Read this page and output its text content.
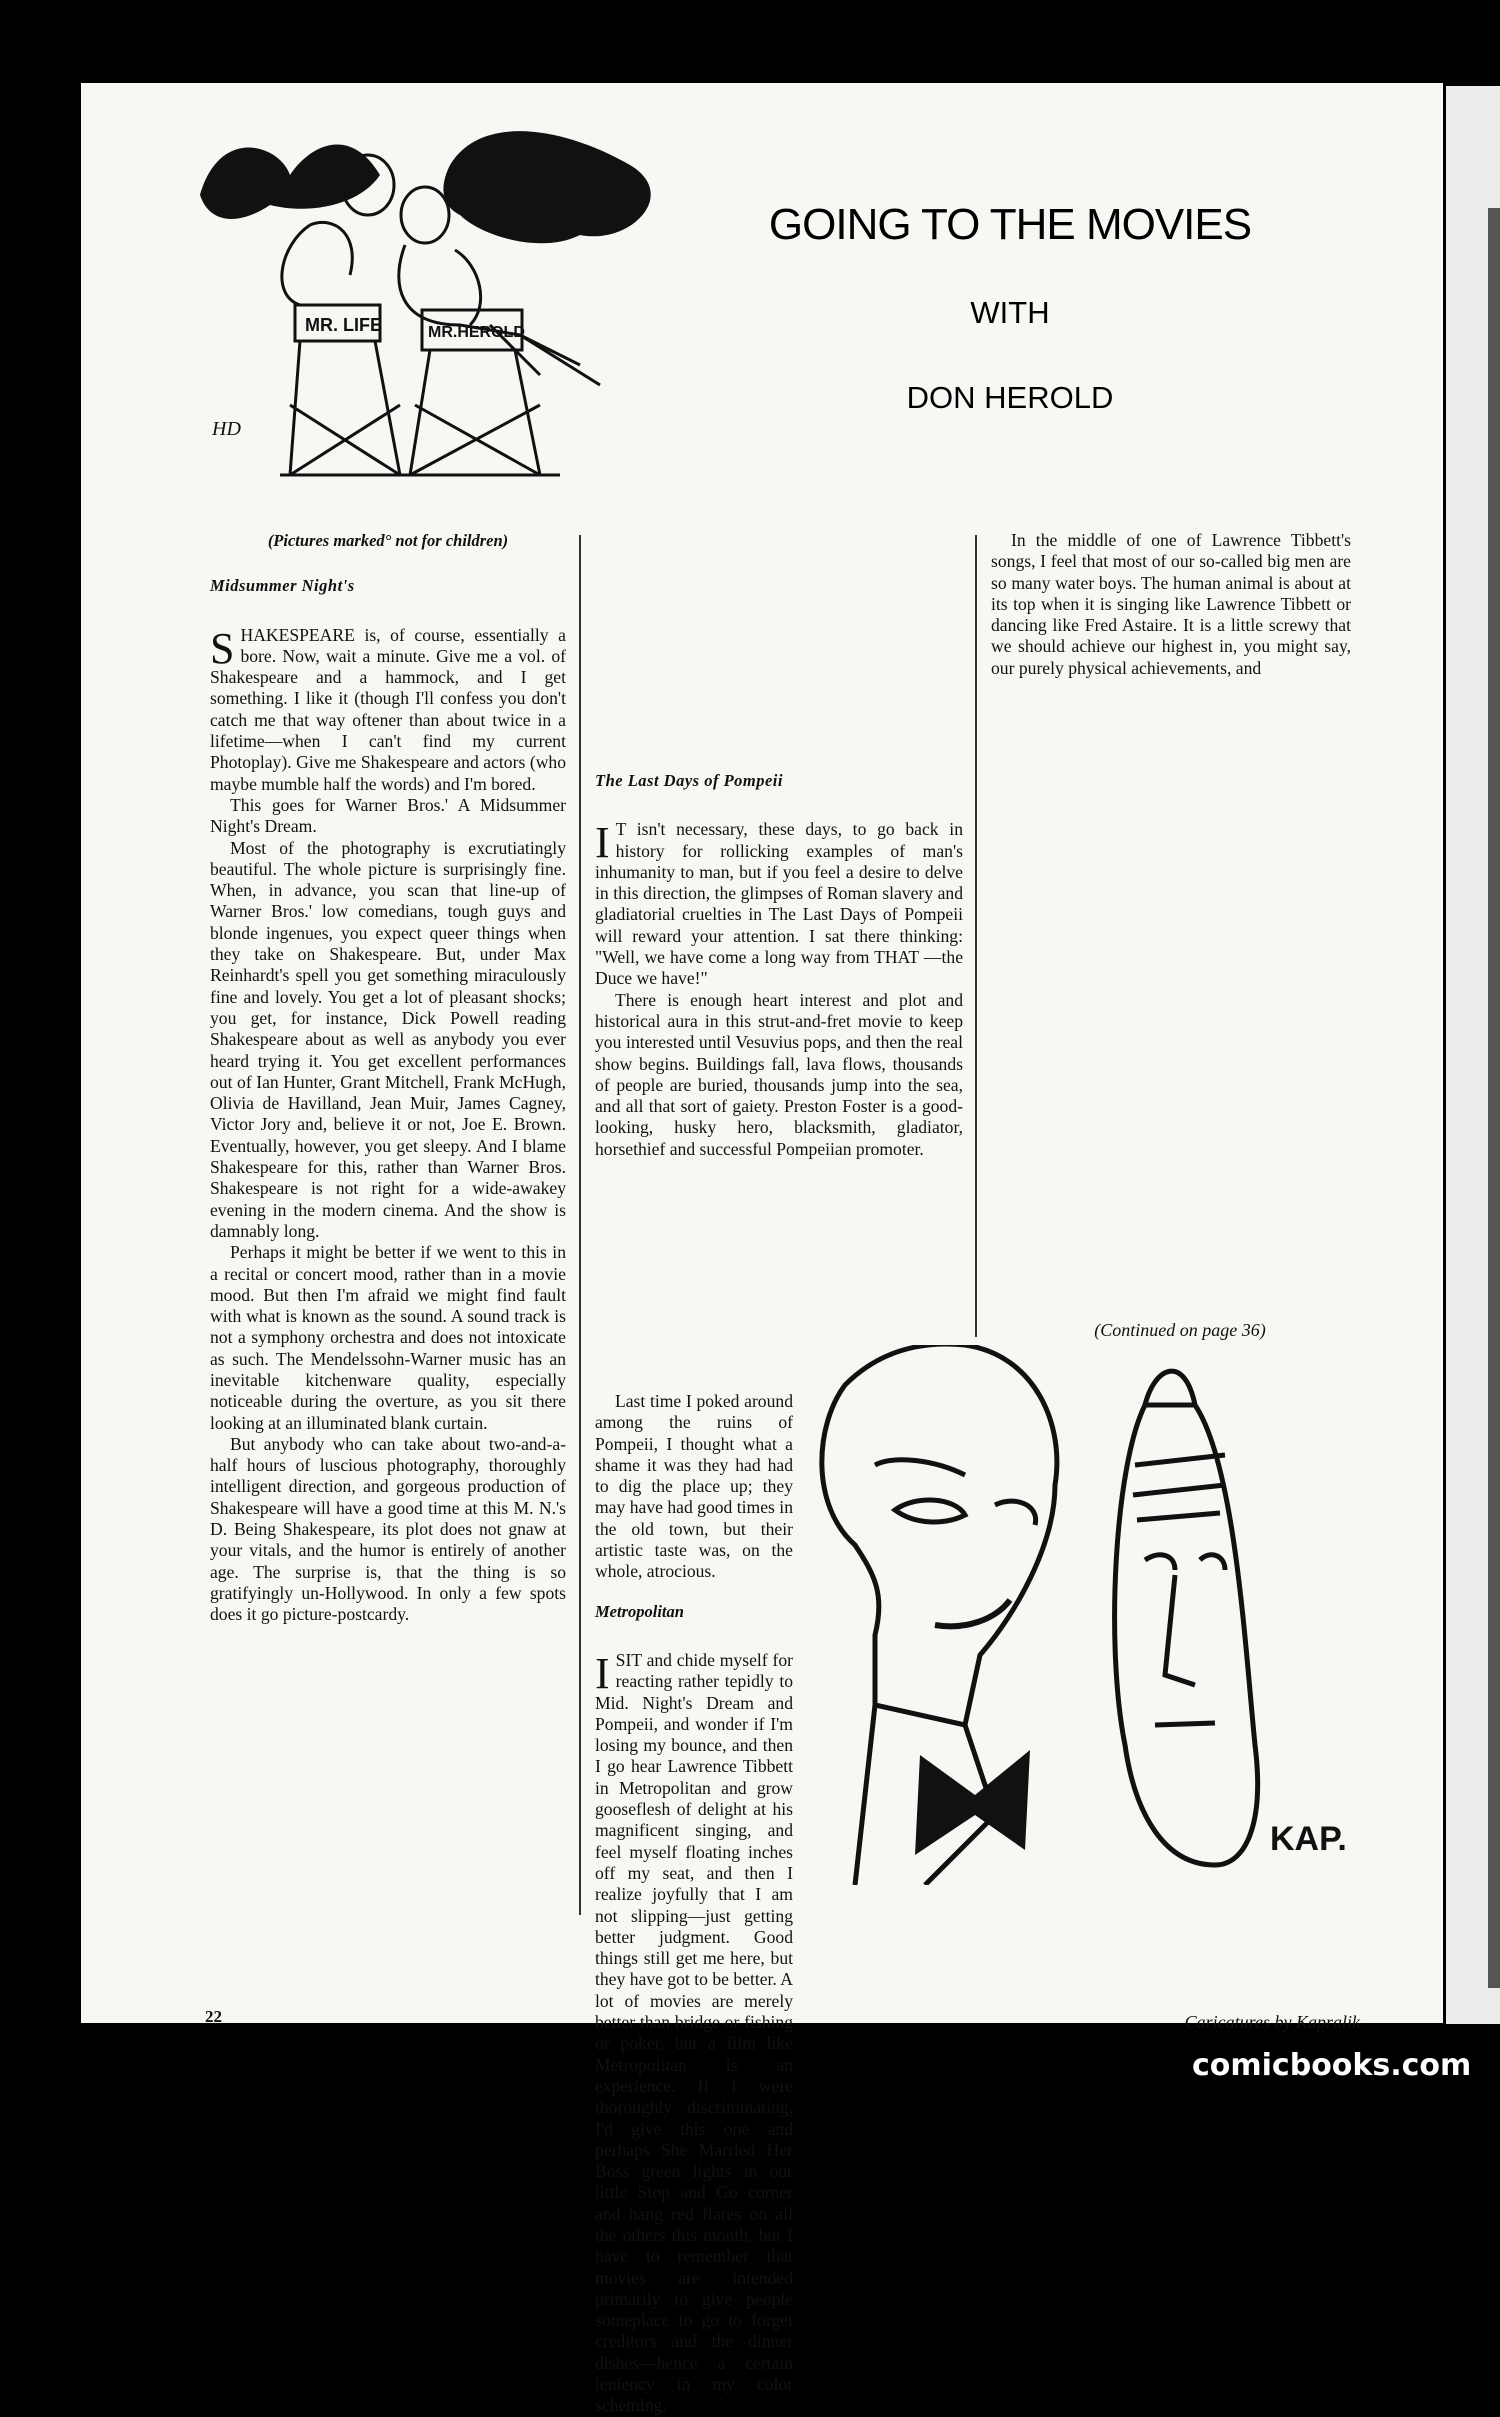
MR. LIFE	MR.HEROLD
HD
GOING TO THE MOVIES
WITH
DON HEROLD

(Pictures marked° not for children)

Midsummer Night's

SHAKESPEARE is, of course, essentially a bore. Now, wait a minute. Give me a vol. of Shakespeare and a hammock, and I get something. I like it (though I'll confess you don't catch me that way oftener than about twice in a lifetime—when I can't find my current Photoplay). Give me Shakespeare and actors (who maybe mumble half the words) and I'm bored.

This goes for Warner Bros.' A Midsummer Night's Dream.

Most of the photography is excrutiatingly beautiful. The whole picture is surprisingly fine. When, in advance, you scan that line-up of Warner Bros.' low comedians, tough guys and blonde ingenues, you expect queer things when they take on Shakespeare. But, under Max Reinhardt's spell you get something miraculously fine and lovely. You get a lot of pleasant shocks; you get, for instance, Dick Powell reading Shakespeare about as well as anybody you ever heard trying it. You get excellent performances out of Ian Hunter, Grant Mitchell, Frank McHugh, Olivia de Havilland, Jean Muir, James Cagney, Victor Jory and, believe it or not, Joe E. Brown. Eventually, however, you get sleepy. And I blame Shakespeare for this, rather than Warner Bros. Shakespeare is not right for a wide-awakey evening in the modern cinema. And the show is damnably long.

Perhaps it might be better if we went to this in a recital or concert mood, rather than in a movie mood. But then I'm afraid we might find fault with what is known as the sound. A sound track is not a symphony orchestra and does not intoxicate as such. The Mendelssohn-Warner music has an inevitable kitchenware quality, especially noticeable during the overture, as you sit there looking at an illuminated blank curtain.

But anybody who can take about two-and-a-half hours of luscious photography, thoroughly intelligent direction, and gorgeous production of Shakespeare will have a good time at this M. N.'s D. Being Shakespeare, its plot does not gnaw at your vitals, and the humor is entirely of another age. The surprise is, that the thing is so gratifyingly un-Hollywood. In only a few spots does it go picture-postcardy.

The Last Days of Pompeii

I T isn't necessary, these days, to go back in history for rollicking examples of man's inhumanity to man, but if you feel a desire to delve in this direction, the glimpses of Roman slavery and gladiatorial cruelties in The Last Days of Pompeii will reward your attention. I sat there thinking: "Well, we have come a long way from THAT —the Duce we have!"

There is enough heart interest and plot and historical aura in this strut-and-fret movie to keep you interested until Vesuvius pops, and then the real show begins. Buildings fall, lava flows, thousands of people are buried, thousands jump into the sea, and all that sort of gaiety. Preston Foster is a good-looking, husky hero, blacksmith, gladiator, horsethief and successful Pompeiian promoter.

Last time I poked around among the ruins of Pompeii, I thought what a shame it was they had had to dig the place up; they may have had good times in the old town, but their artistic taste was, on the whole, atrocious.

Metropolitan

ISIT and chide myself for reacting rather tepidly to Mid. Night's Dream and Pompeii, and wonder if I'm losing my bounce, and then I go hear Lawrence Tibbett in Metropolitan and grow gooseflesh of delight at his magnificent singing, and feel myself floating inches off my seat, and then I realize joyfully that I am not slipping—just getting better judgment. Good things still get me here, but they have got to be better. A lot of movies are merely better than bridge or fishing or poker, but a film like Metropolitan is an experience. If I were thoroughly discriminating, I'd give this one and perhaps She Married Her Boss green lights in our little Stop and Go corner and hang red flares on all the others this month, but I have to remember that movies are intended primarily to give people someplace to go to forget creditors and the dinner dishes—hence a certain leniency in my color scheming.

In the middle of one of Lawrence Tibbett's songs, I feel that most of our so-called big men are so many water boys. The human animal is about at its top when it is singing like Lawrence Tibbett or dancing like Fred Astaire. It is a little screwy that we should achieve our highest in, you might say, our purely physical achievements, and

(Continued on page 36)
KAP.
Caricatures by Kapralik
22
comicbooks.com
